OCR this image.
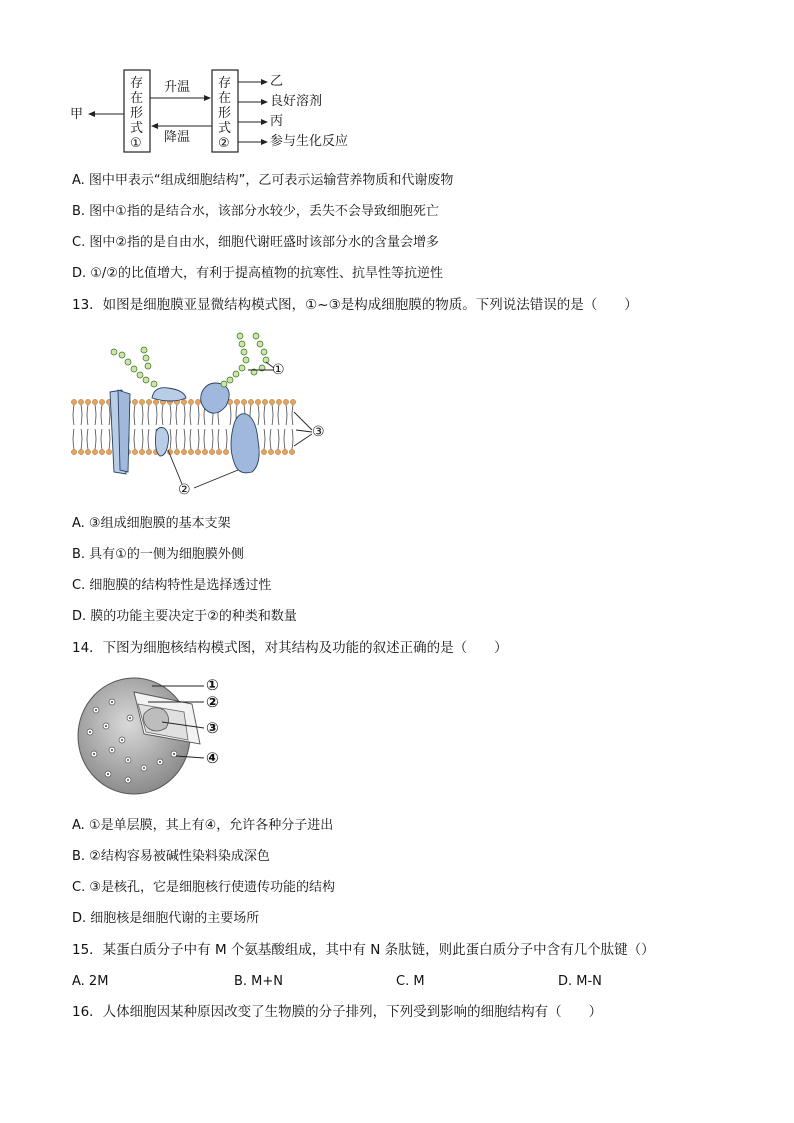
存
在
形
式
①
存
在
形
式
②
甲
升温
降温
乙
良好溶剂
丙
参与生化反应
A. 图中甲表示“组成细胞结构”，乙可表示运输营养物质和代谢废物
B. 图中①指的是结合水，该部分水较少，丢失不会导致细胞死亡
C. 图中②指的是自由水，细胞代谢旺盛时该部分水的含量会增多
D. ①/②的比值增大，有利于提高植物的抗寒性、抗旱性等抗逆性
13．如图是细胞膜亚显微结构模式图，①~③是构成细胞膜的物质。下列说法错误的是（　　）
①
③
②
A. ③组成细胞膜的基本支架
B. 具有①的一侧为细胞膜外侧
C. 细胞膜的结构特性是选择透过性
D. 膜的功能主要决定于②的种类和数量
14．下图为细胞核结构模式图，对其结构及功能的叙述正确的是（　　）
①
②
③
④
A. ①是单层膜，其上有④，允许各种分子进出
B. ②结构容易被碱性染料染成深色
C. ③是核孔，它是细胞核行使遗传功能的结构
D. 细胞核是细胞代谢的主要场所
15．某蛋白质分子中有 M 个氨基酸组成，其中有 N 条肽链，则此蛋白质分子中含有几个肽键（）
A. 2M	B. M+N	C. M	D. M-N
16．人体细胞因某种原因改变了生物膜的分子排列，下列受到影响的细胞结构有（　　）
